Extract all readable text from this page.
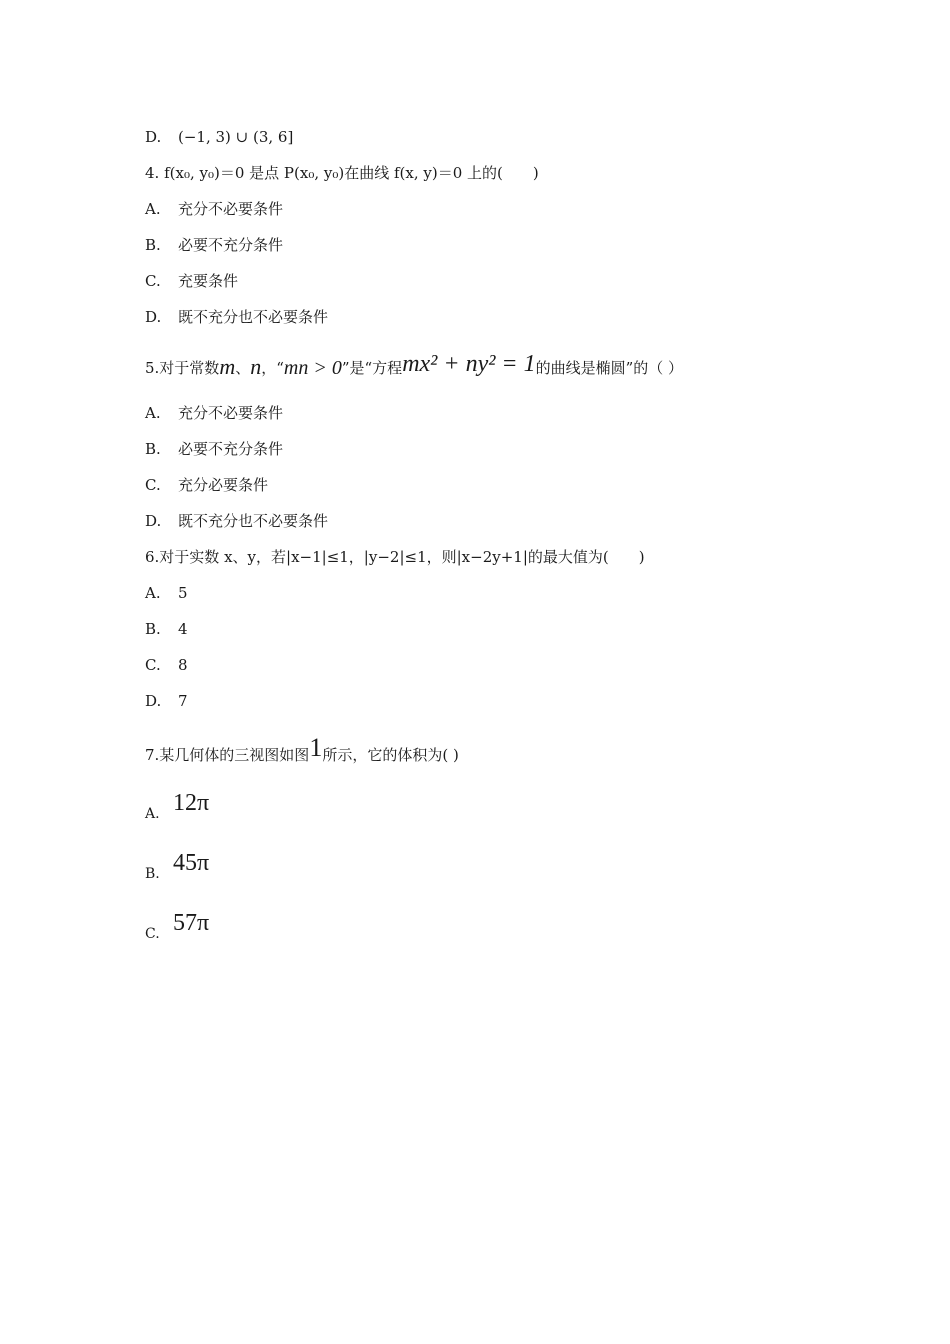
D. (−1, 3) ∪ (3, 6]
4. f(x₀, y₀)＝0 是点 P(x₀, y₀)在曲线 f(x, y)＝0 上的(　　)
A. 充分不必要条件
B. 必要不充分条件
C. 充要条件
D. 既不充分也不必要条件
5.对于常数m、n，“mn > 0”是“方程mx² + ny² = 1的曲线是椭圆”的（ ）
A. 充分不必要条件
B. 必要不充分条件
C. 充分必要条件
D. 既不充分也不必要条件
6.对于实数 x、y，若|x−1|≤1，|y−2|≤1，则|x−2y+1|的最大值为(　　)
A. 5
B. 4
C. 8
D. 7
7.某几何体的三视图如图1所示，它的体积为( )
A. 12π
B. 45π
C. 57π
